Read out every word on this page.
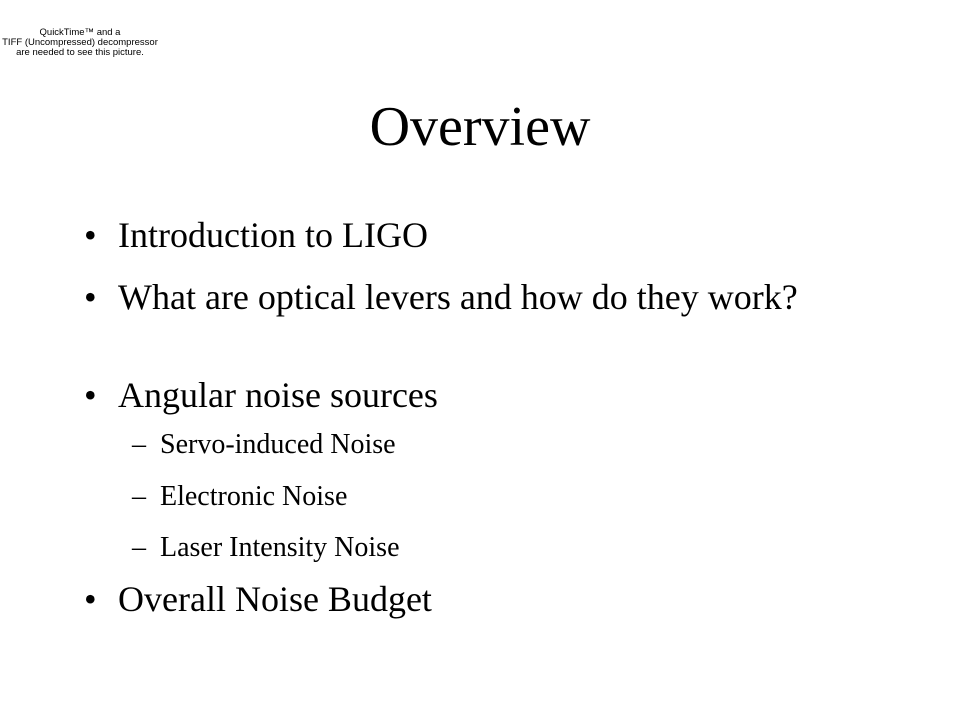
QuickTime™ and a
TIFF (Uncompressed) decompressor
are needed to see this picture.
Overview
• Introduction to LIGO
• What are optical levers and how do they work?
• Angular noise sources
– Servo-induced Noise
– Electronic Noise
– Laser Intensity Noise
• Overall Noise Budget
